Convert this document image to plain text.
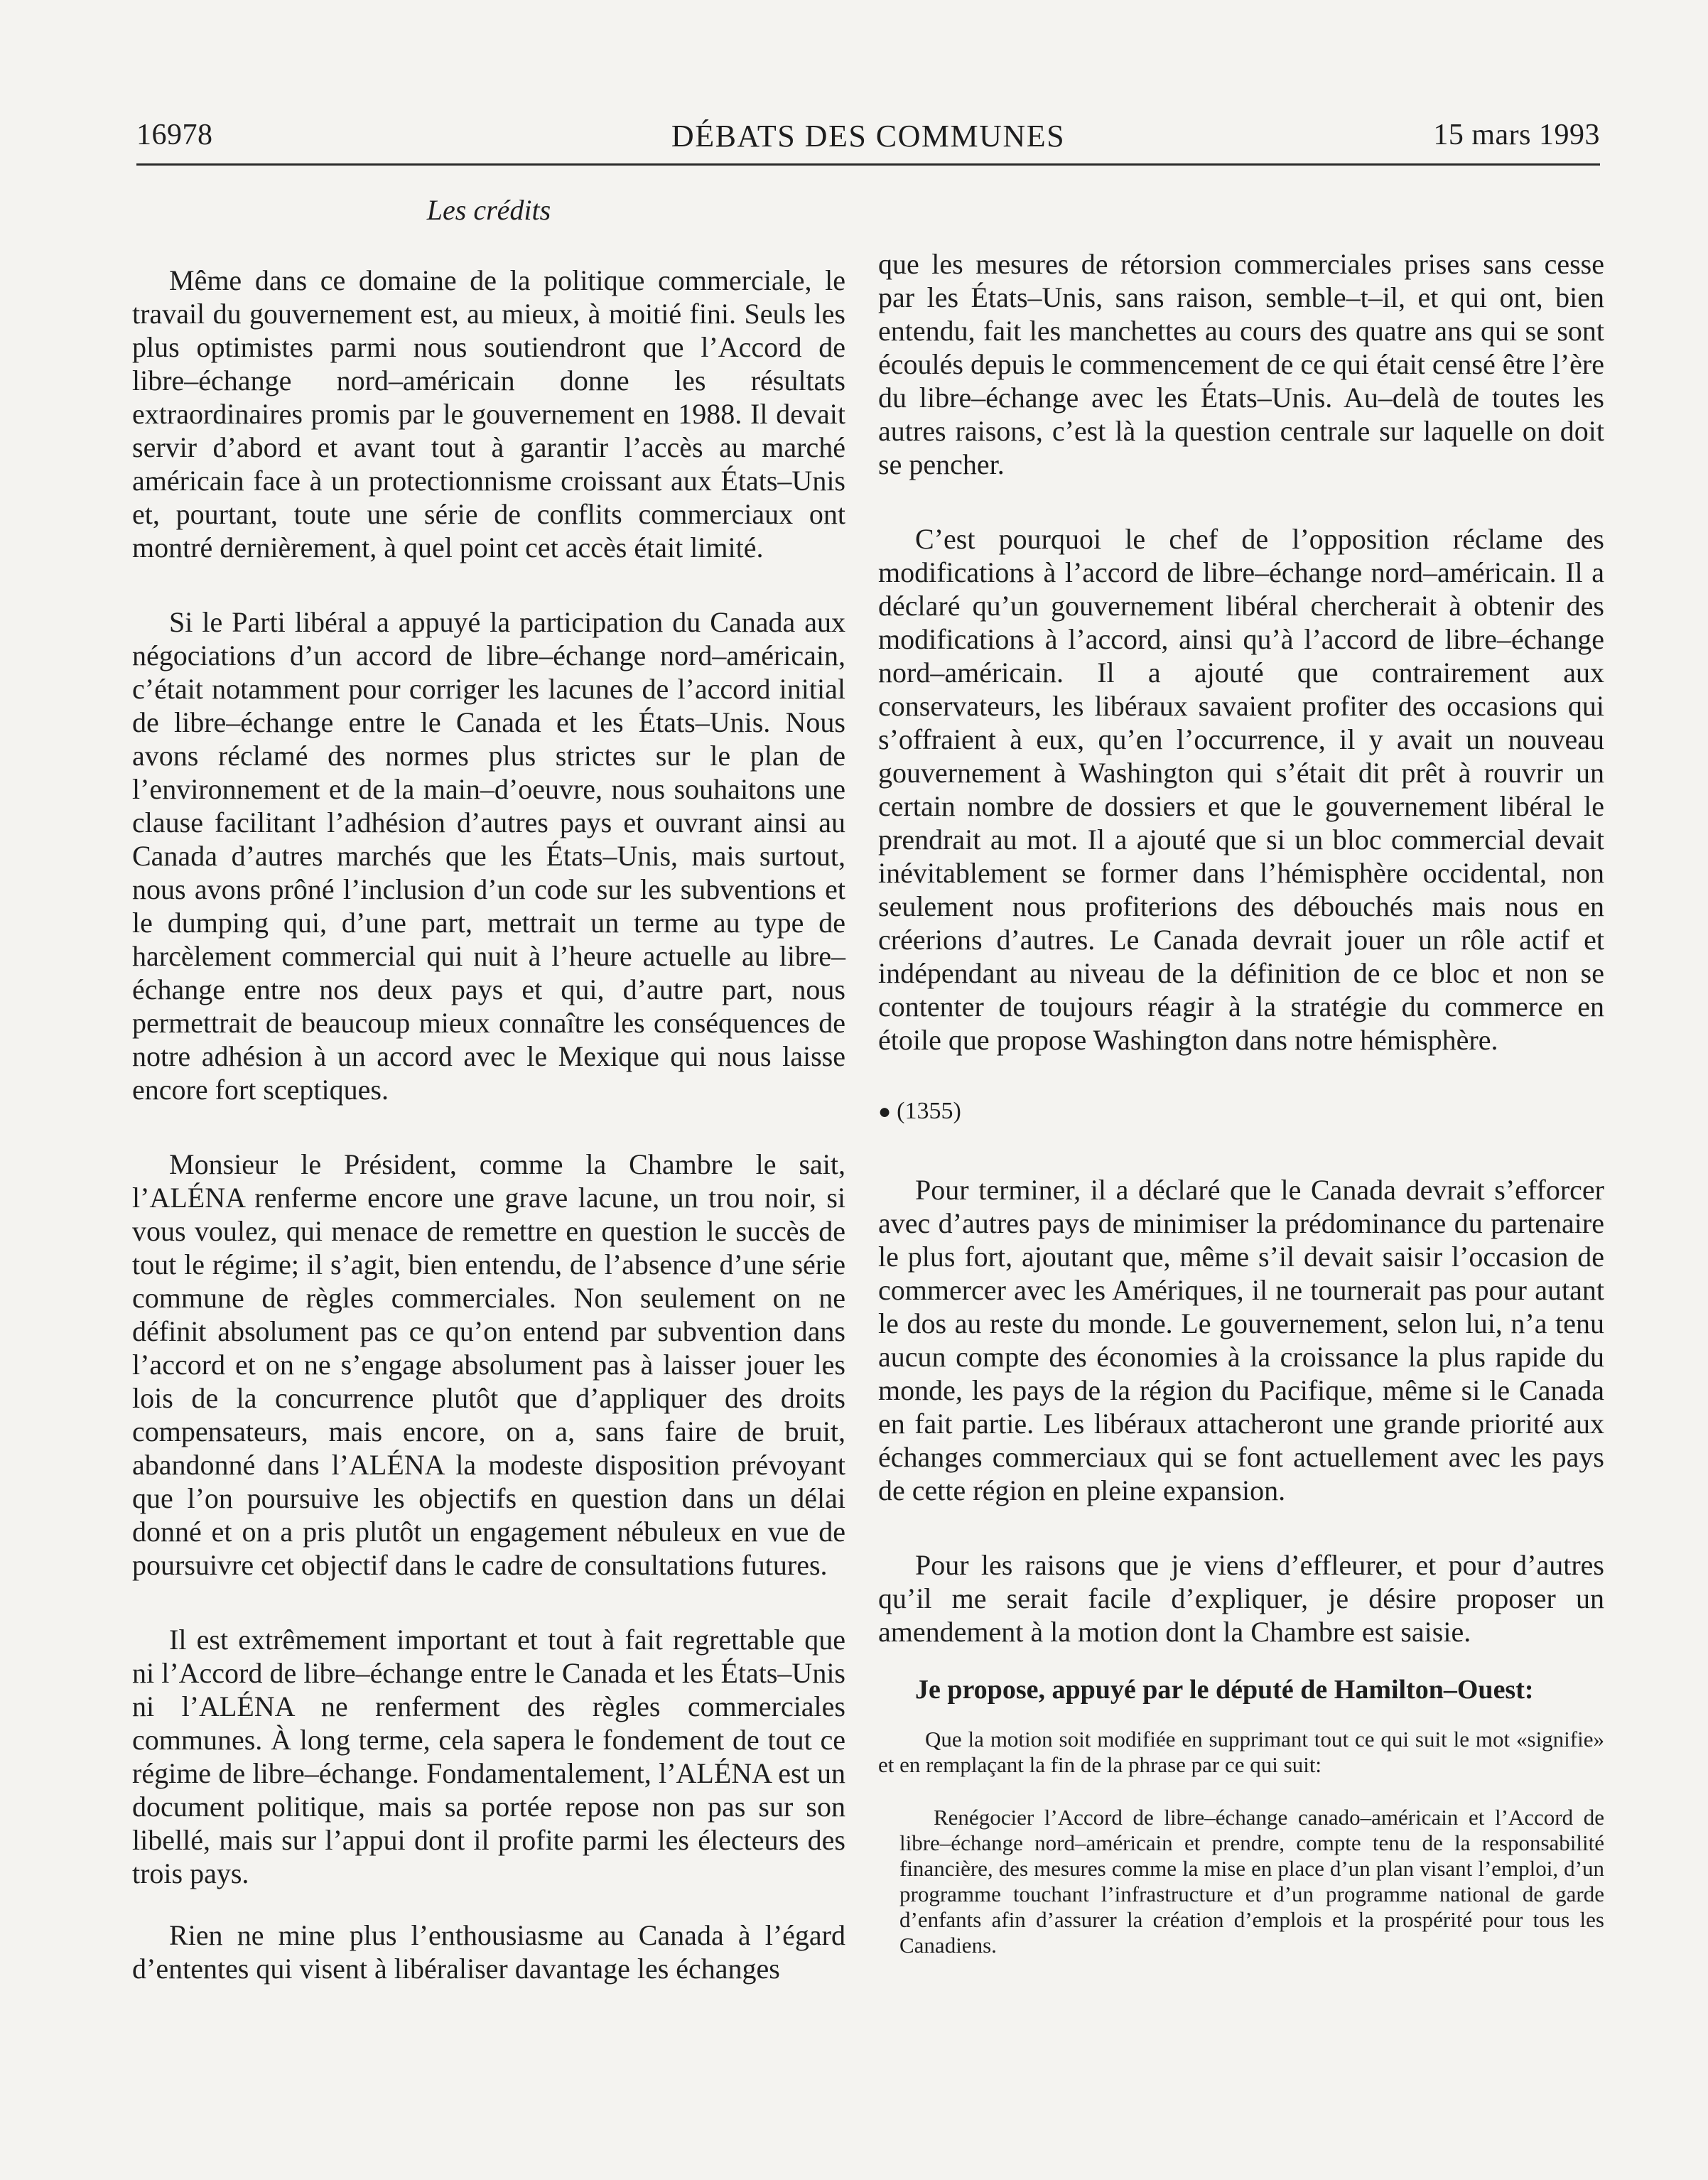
16978	DÉBATS DES COMMUNES	15 mars 1993
Les crédits

Même dans ce domaine de la politique commerciale, le travail du gouvernement est, au mieux, à moitié fini. Seuls les plus optimistes parmi nous soutiendront que l’Accord de libre–échange nord–américain donne les résultats extraordinaires promis par le gouvernement en 1988. Il devait servir d’abord et avant tout à garantir l’accès au marché américain face à un protectionnisme croissant aux États–Unis et, pourtant, toute une série de conflits commerciaux ont montré dernièrement, à quel point cet accès était limité.

Si le Parti libéral a appuyé la participation du Canada aux négociations d’un accord de libre–échange nord–américain, c’était notamment pour corriger les lacunes de l’accord initial de libre–échange entre le Canada et les États–Unis. Nous avons réclamé des normes plus strictes sur le plan de l’environnement et de la main–d’oeuvre, nous souhaitons une clause facilitant l’adhésion d’autres pays et ouvrant ainsi au Canada d’autres marchés que les États–Unis, mais surtout, nous avons prôné l’inclusion d’un code sur les subventions et le dumping qui, d’une part, mettrait un terme au type de harcèlement commercial qui nuit à l’heure actuelle au libre–échange entre nos deux pays et qui, d’autre part, nous permettrait de beaucoup mieux connaître les conséquences de notre adhésion à un accord avec le Mexique qui nous laisse encore fort sceptiques.

Monsieur le Président, comme la Chambre le sait, l’ALÉNA renferme encore une grave lacune, un trou noir, si vous voulez, qui menace de remettre en question le succès de tout le régime; il s’agit, bien entendu, de l’absence d’une série commune de règles commerciales. Non seulement on ne définit absolument pas ce qu’on entend par subvention dans l’accord et on ne s’engage absolument pas à laisser jouer les lois de la concurrence plutôt que d’appliquer des droits compensateurs, mais encore, on a, sans faire de bruit, abandonné dans l’ALÉNA la modeste disposition prévoyant que l’on poursuive les objectifs en question dans un délai donné et on a pris plutôt un engagement nébuleux en vue de poursuivre cet objectif dans le cadre de consultations futures.

Il est extrêmement important et tout à fait regrettable que ni l’Accord de libre–échange entre le Canada et les États–Unis ni l’ALÉNA ne renferment des règles commerciales communes. À long terme, cela sapera le fondement de tout ce régime de libre–échange. Fondamentalement, l’ALÉNA est un document politique, mais sa portée repose non pas sur son libellé, mais sur l’appui dont il profite parmi les électeurs des trois pays.

Rien ne mine plus l’enthousiasme au Canada à l’égard d’ententes qui visent à libéraliser davantage les échanges

que les mesures de rétorsion commerciales prises sans cesse par les États–Unis, sans raison, semble–t–il, et qui ont, bien entendu, fait les manchettes au cours des quatre ans qui se sont écoulés depuis le commencement de ce qui était censé être l’ère du libre–échange avec les États–Unis. Au–delà de toutes les autres raisons, c’est là la question centrale sur laquelle on doit se pencher.

C’est pourquoi le chef de l’opposition réclame des modifications à l’accord de libre–échange nord–américain. Il a déclaré qu’un gouvernement libéral chercherait à obtenir des modifications à l’accord, ainsi qu’à l’accord de libre–échange nord–américain. Il a ajouté que contrairement aux conservateurs, les libéraux savaient profiter des occasions qui s’offraient à eux, qu’en l’occurrence, il y avait un nouveau gouvernement à Washington qui s’était dit prêt à rouvrir un certain nombre de dossiers et que le gouvernement libéral le prendrait au mot. Il a ajouté que si un bloc commercial devait inévitablement se former dans l’hémisphère occidental, non seulement nous profiterions des débouchés mais nous en créerions d’autres. Le Canada devrait jouer un rôle actif et indépendant au niveau de la définition de ce bloc et non se contenter de toujours réagir à la stratégie du commerce en étoile que propose Washington dans notre hémisphère.

● (1355)

Pour terminer, il a déclaré que le Canada devrait s’efforcer avec d’autres pays de minimiser la prédominance du partenaire le plus fort, ajoutant que, même s’il devait saisir l’occasion de commercer avec les Amériques, il ne tournerait pas pour autant le dos au reste du monde. Le gouvernement, selon lui, n’a tenu aucun compte des économies à la croissance la plus rapide du monde, les pays de la région du Pacifique, même si le Canada en fait partie. Les libéraux attacheront une grande priorité aux échanges commerciaux qui se font actuellement avec les pays de cette région en pleine expansion.

Pour les raisons que je viens d’effleurer, et pour d’autres qu’il me serait facile d’expliquer, je désire proposer un amendement à la motion dont la Chambre est saisie.

Je propose, appuyé par le député de Hamilton–Ouest:

Que la motion soit modifiée en supprimant tout ce qui suit le mot «signifie» et en remplaçant la fin de la phrase par ce qui suit:

Renégocier l’Accord de libre–échange canado–américain et l’Accord de libre–échange nord–américain et prendre, compte tenu de la responsabilité financière, des mesures comme la mise en place d’un plan visant l’emploi, d’un programme touchant l’infrastructure et d’un programme national de garde d’enfants afin d’assurer la création d’emplois et la prospérité pour tous les Canadiens.
